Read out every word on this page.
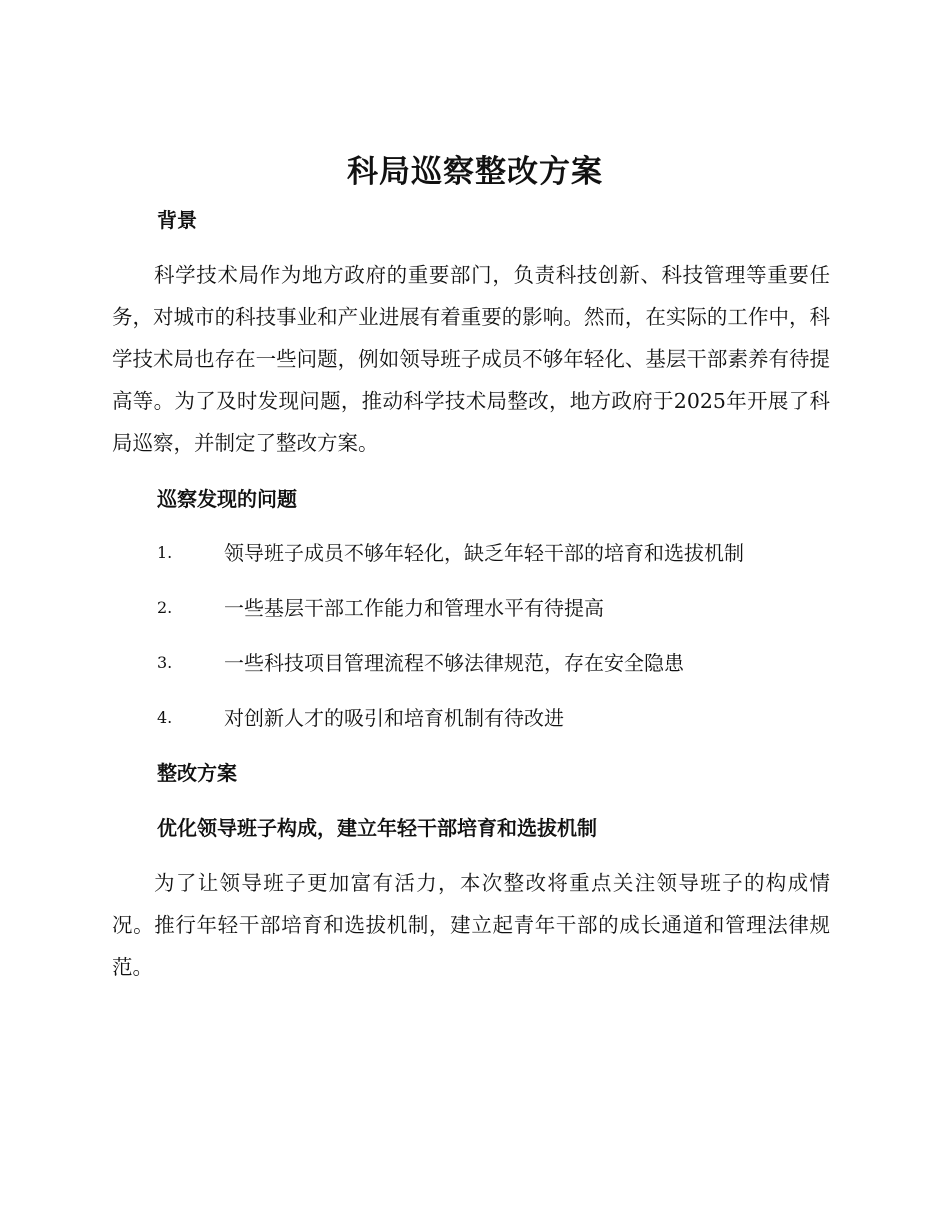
科局巡察整改方案
背景

科学技术局作为地方政府的重要部门，负责科技创新、科技管理等重要任务，对城市的科技事业和产业进展有着重要的影响。然而，在实际的工作中，科学技术局也存在一些问题，例如领导班子成员不够年轻化、基层干部素养有待提高等。为了及时发现问题，推动科学技术局整改，地方政府于2025年开展了科局巡察，并制定了整改方案。

巡察发现的问题
1.	领导班子成员不够年轻化，缺乏年轻干部的培育和选拔机制
2.	一些基层干部工作能力和管理水平有待提高
3.	一些科技项目管理流程不够法律规范，存在安全隐患
4.	对创新人才的吸引和培育机制有待改进
整改方案
优化领导班子构成，建立年轻干部培育和选拔机制

为了让领导班子更加富有活力，本次整改将重点关注领导班子的构成情况。推行年轻干部培育和选拔机制，建立起青年干部的成长通道和管理法律规范。
